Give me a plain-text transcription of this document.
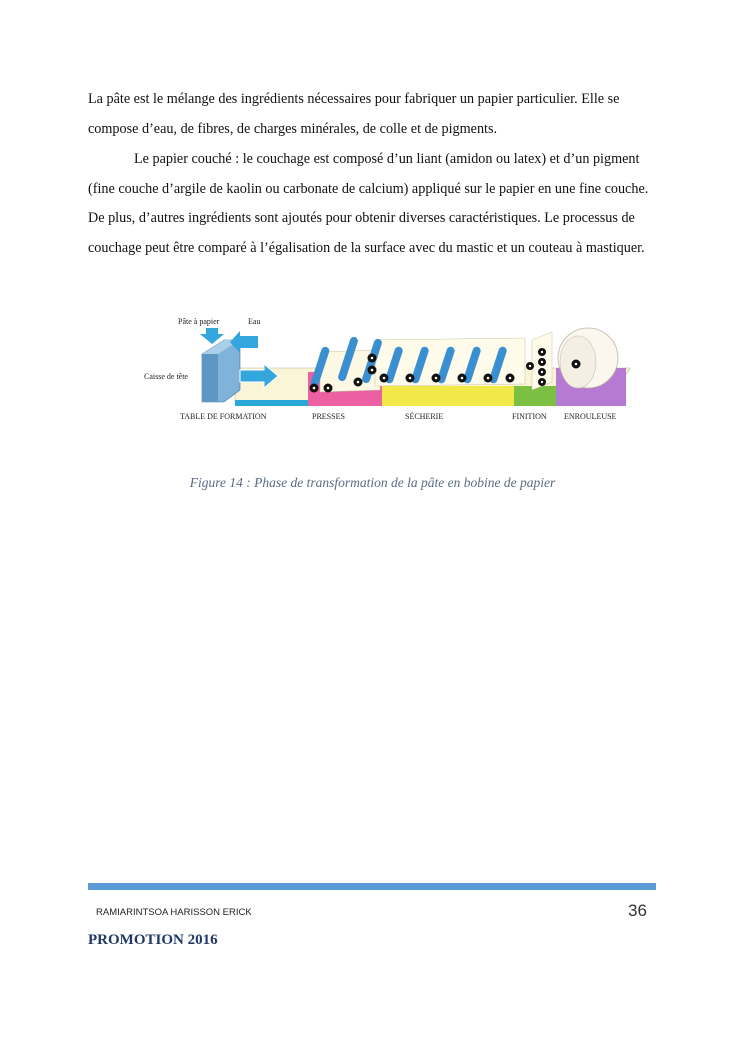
La pâte est le mélange des ingrédients nécessaires pour fabriquer un papier particulier. Elle se compose d’eau, de fibres, de charges minérales, de colle et de pigments.

Le papier couché : le couchage est composé d’un liant (amidon ou latex) et d’un pigment (fine couche d’argile de kaolin ou carbonate de calcium) appliqué sur le papier en une fine couche. De plus, d’autres ingrédients sont ajoutés pour obtenir diverses caractéristiques. Le processus de couchage peut être comparé à l’égalisation de la surface avec du mastic et un couteau à mastiquer.

Pâte à papier	Eau
Caisse de tête
TABLE DE FORMATION	PRESSES	SÉCHERIE	FINITION ENROULEUSE

Figure 14 : Phase de transformation de la pâte en bobine de papier

RAMIARINTSOA HARISSON ERICK	36
PROMOTION 2016
